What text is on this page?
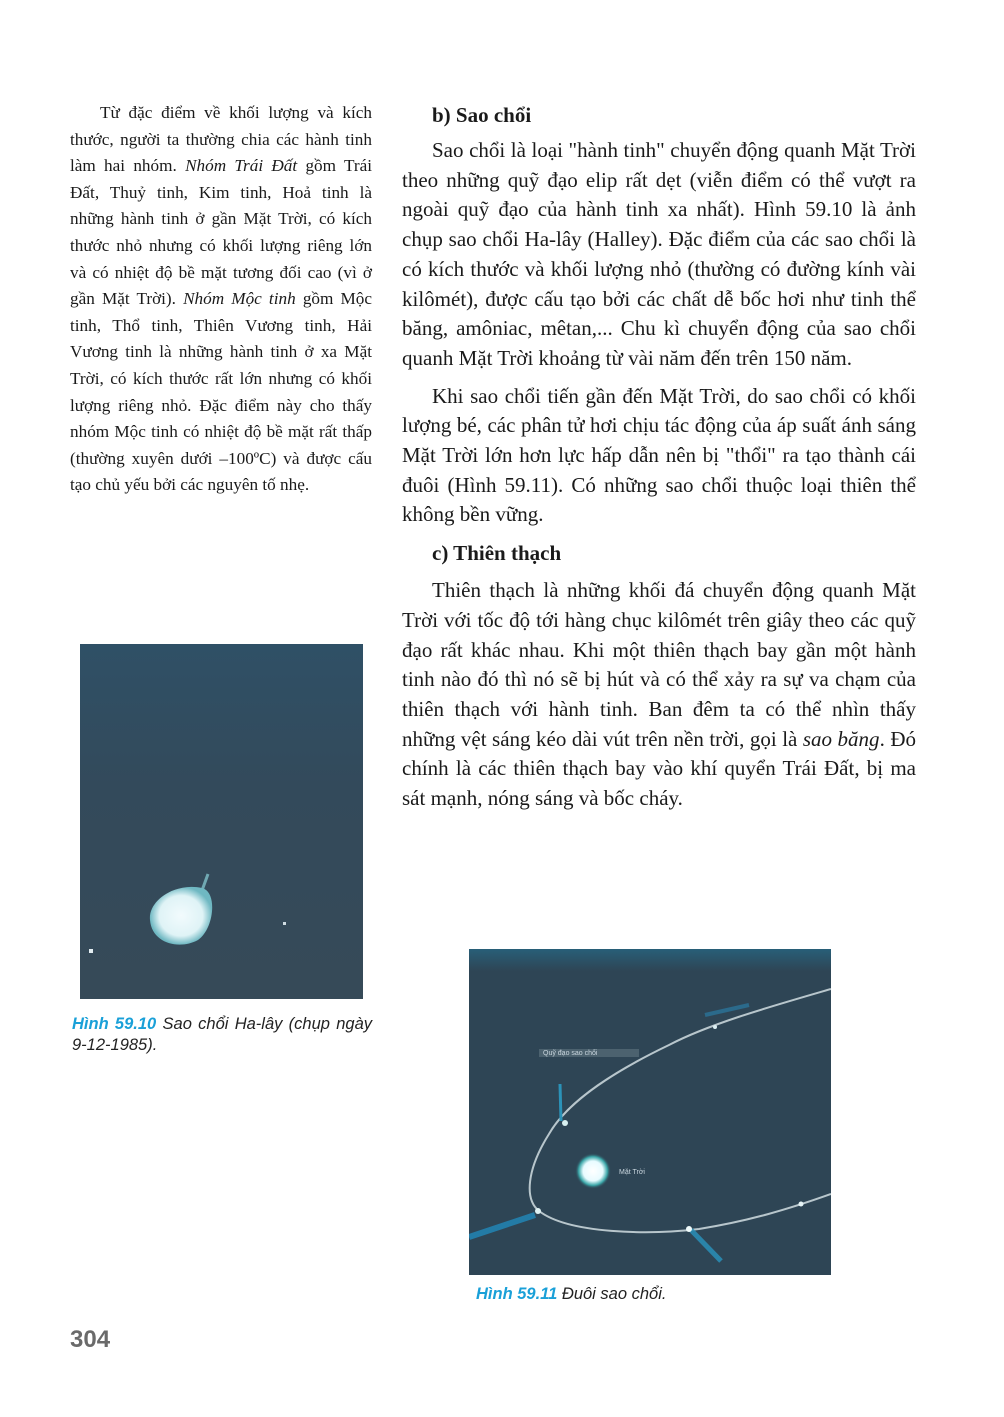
Từ đặc điểm về khối lượng và kích thước, người ta thường chia các hành tinh làm hai nhóm. Nhóm Trái Đất gồm Trái Đất, Thuỷ tinh, Kim tinh, Hoả tinh là những hành tinh ở gần Mặt Trời, có kích thước nhỏ nhưng có khối lượng riêng lớn và có nhiệt độ bề mặt tương đối cao (vì ở gần Mặt Trời). Nhóm Mộc tinh gồm Mộc tinh, Thổ tinh, Thiên Vương tinh, Hải Vương tinh là những hành tinh ở xa Mặt Trời, có kích thước rất lớn nhưng có khối lượng riêng nhỏ. Đặc điểm này cho thấy nhóm Mộc tinh có nhiệt độ bề mặt rất thấp (thường xuyên dưới –100ºC) và được cấu tạo chủ yếu bởi các nguyên tố nhẹ.

b) Sao chổi

Sao chổi là loại "hành tinh" chuyển động quanh Mặt Trời theo những quỹ đạo elip rất dẹt (viễn điểm có thể vượt ra ngoài quỹ đạo của hành tinh xa nhất). Hình 59.10 là ảnh chụp sao chổi Ha-lây (Halley). Đặc điểm của các sao chổi là có kích thước và khối lượng nhỏ (thường có đường kính vài kilômét), được cấu tạo bởi các chất dễ bốc hơi như tinh thể băng, amôniac, mêtan,... Chu kì chuyển động của sao chổi quanh Mặt Trời khoảng từ vài năm đến trên 150 năm.

Khi sao chổi tiến gần đến Mặt Trời, do sao chổi có khối lượng bé, các phân tử hơi chịu tác động của áp suất ánh sáng Mặt Trời lớn hơn lực hấp dẫn nên bị "thổi" ra tạo thành cái đuôi (Hình 59.11). Có những sao chổi thuộc loại thiên thể không bền vững.

c) Thiên thạch

Thiên thạch là những khối đá chuyển động quanh Mặt Trời với tốc độ tới hàng chục kilômét trên giây theo các quỹ đạo rất khác nhau. Khi một thiên thạch bay gần một hành tinh nào đó thì nó sẽ bị hút và có thể xảy ra sự va chạm của thiên thạch với hành tinh. Ban đêm ta có thể nhìn thấy những vệt sáng kéo dài vút trên nền trời, gọi là sao băng. Đó chính là các thiên thạch bay vào khí quyển Trái Đất, bị ma sát mạnh, nóng sáng và bốc cháy.

Hình 59.10 Sao chổi Ha-lây (chụp ngày 9-12-1985).	Quỹ đạo sao chổi
Mặt Trời
Hình 59.11 Đuôi sao chổi.
304
